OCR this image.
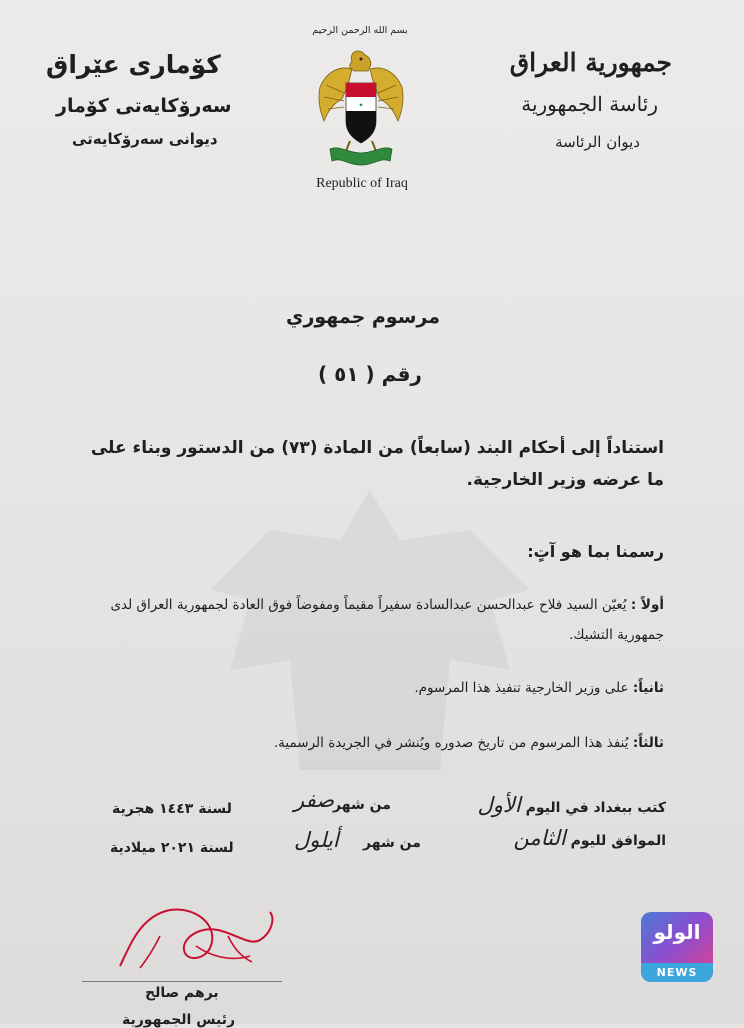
جمهورية العراق
رئاسة الجمهورية
ديوان الرئاسة
کۆماری عێراق
سەرۆکایەتی کۆمار
دیوانی سەرۆکایەتی
بسم الله الرحمن الرحيم
✦
Republic of Iraq
مرسوم جمهوري
رقم ( ٥١ )
استناداً إلى أحكام البند (سابعاً) من المادة (٧٣) من الدستور وبناء على ما عرضه وزير الخارجية.
رسمنا بما هو آتٍ:
أولاً : يُعيّن السيد فلاح عبدالحسن عبدالسادة سفيراً مقيماً ومفوضاً فوق العادة لجمهورية العراق لدى جمهورية التشيك.
ثانياً: على وزير الخارجية تنفيذ هذا المرسوم.
ثالثاً: يُنفذ هذا المرسوم من تاريخ صدوره ويُنشر في الجريدة الرسمية.
كتب ببغداد في اليوم الأول
من شهر
صفر
لسنة ١٤٤٣ هجرية
الموافق لليوم الثامن
من شهر
أيلول
لسنة ٢٠٢١ ميلادية
برهم صالح
رئيس الجمهورية
الولو
NEWS
